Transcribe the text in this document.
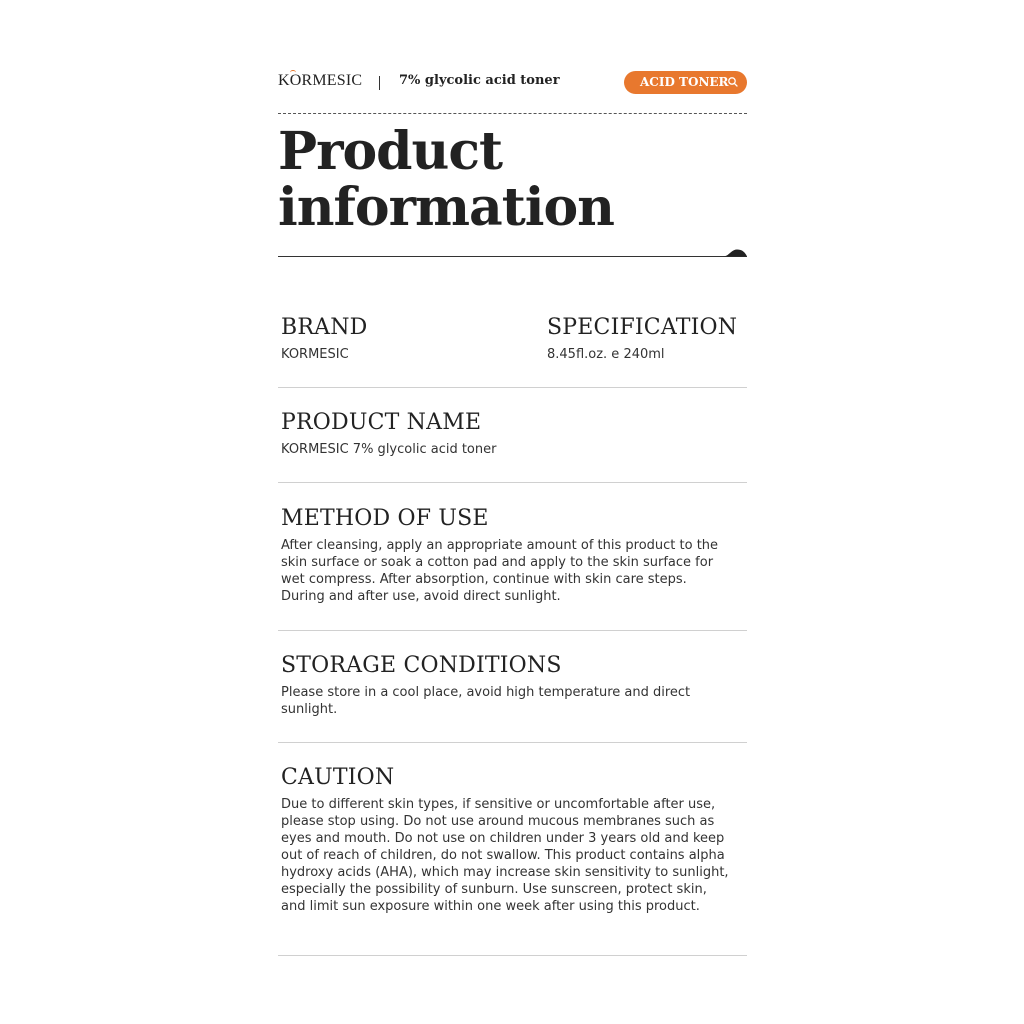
KORMESIC	7% glycolic acid toner	ACID TONER
Product
information
BRAND

KORMESIC

SPECIFICATION

8.45fl.oz. e 240ml

PRODUCT NAME

KORMESIC 7% glycolic acid toner

METHOD OF USE

After cleansing, apply an appropriate amount of this product to the skin surface or soak a cotton pad and apply to the skin surface for wet compress. After absorption, continue with skin care steps. During and after use, avoid direct sunlight.

STORAGE CONDITIONS

Please store in a cool place, avoid high temperature and direct sunlight.

CAUTION

Due to different skin types, if sensitive or uncomfortable after use, please stop using. Do not use around mucous membranes such as eyes and mouth. Do not use on children under 3 years old and keep out of reach of children, do not swallow. This product contains alpha hydroxy acids (AHA), which may increase skin sensitivity to sunlight, especially the possibility of sunburn. Use sunscreen, protect skin, and limit sun exposure within one week after using this product.
